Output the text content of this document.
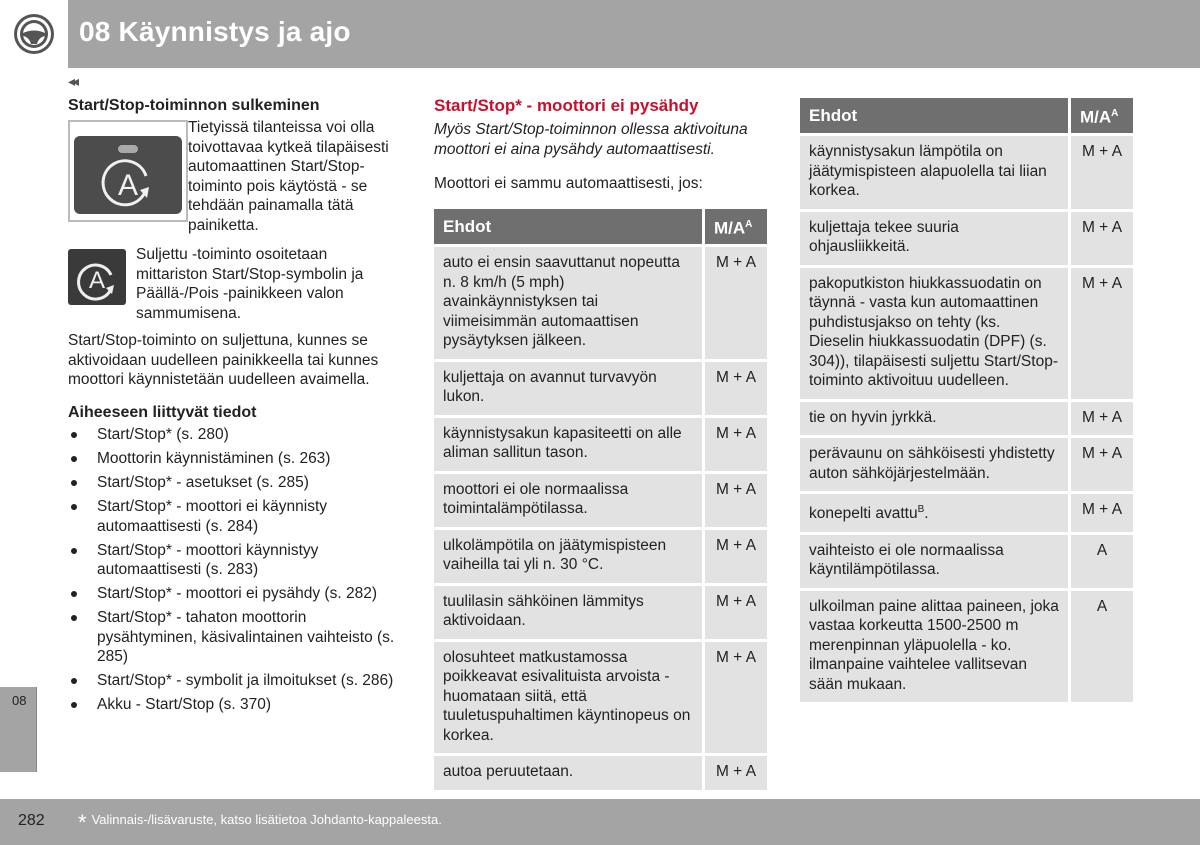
08 Käynnistys ja ajo
◂◂

Start/Stop-toiminnon sulkeminen

A
Tietyissä tilanteissa voi olla toivottavaa kytkeä tilapäisesti automaattinen Start/Stop-toiminto pois käytöstä - se tehdään painamalla tätä painiketta.
A
Suljettu -toiminto osoitetaan mittariston Start/Stop-symbolin ja Päällä-/Pois -painikkeen valon sammumisena.
Start/Stop-toiminto on suljettuna, kunnes se aktivoidaan uudelleen painikkeella tai kunnes moottori käynnistetään uudelleen avaimella.
Aiheeseen liittyvät tiedot
Start/Stop* (s. 280)
Moottorin käynnistäminen (s. 263)
Start/Stop* - asetukset (s. 285)
Start/Stop* - moottori ei käynnisty automaattisesti (s. 284)
Start/Stop* - moottori käynnistyy automaattisesti (s. 283)
Start/Stop* - moottori ei pysähdy (s. 282)
Start/Stop* - tahaton moottorin pysähtyminen, käsivalintainen vaihteisto (s. 285)
Start/Stop* - symbolit ja ilmoitukset (s. 286)
Akku - Start/Stop (s. 370)

Start/Stop* - moottori ei pysähdy

Myös Start/Stop-toiminnon ollessa aktivoituna moottori ei aina pysähdy automaattisesti.
Moottori ei sammu automaattisesti, jos:
Ehdot	$M/A^A$
auto ei ensin saavuttanut nopeutta n. 8 km/h (5 mph) avainkäynnistyksen tai viimeisimmän automaattisen pysäytyksen jälkeen.	M + A
kuljettaja on avannut turvavyön lukon.	M + A
käynnistysakun kapasiteetti on alle aliman sallitun tason.	M + A
moottori ei ole normaalissa toimintalämpötilassa.	M + A
ulkolämpötila on jäätymispisteen vaiheilla tai yli n. 30 °C.	M + A
tuulilasin sähköinen lämmitys aktivoidaan.	M + A
olosuhteet matkustamossa poikkeavat esivalituista arvoista - huomataan siitä, että tuuletuspuhaltimen käyntinopeus on korkea.	M + A
autoa peruutetaan.	M + A
Ehdot	$M/A^A$
käynnistysakun lämpötila on jäätymispisteen alapuolella tai liian korkea.	M + A
kuljettaja tekee suuria ohjausliikkeitä.	M + A
pakoputkiston hiukkassuodatin on täynnä - vasta kun automaattinen puhdistusjakso on tehty (ks. Dieselin hiukkassuodatin (DPF) (s. 304)), tilapäisesti suljettu Start/Stop-toiminto aktivoituu uudelleen.	M + A
tie on hyvin jyrkkä.	M + A
perävaunu on sähköisesti yhdistetty auton sähköjärjestelmään.	M + A
konepelti avattu$^B$.	M + A
vaihteisto ei ole normaalissa käyntilämpötilassa.	A
ulkoilman paine alittaa paineen, joka vastaa korkeutta 1500-2500 m merenpinnan yläpuolella - ko. ilmanpaine vaihtelee vallitsevan sään mukaan.	A
08
282 * Valinnais-/lisävaruste, katso lisätietoa Johdanto-kappaleesta.
